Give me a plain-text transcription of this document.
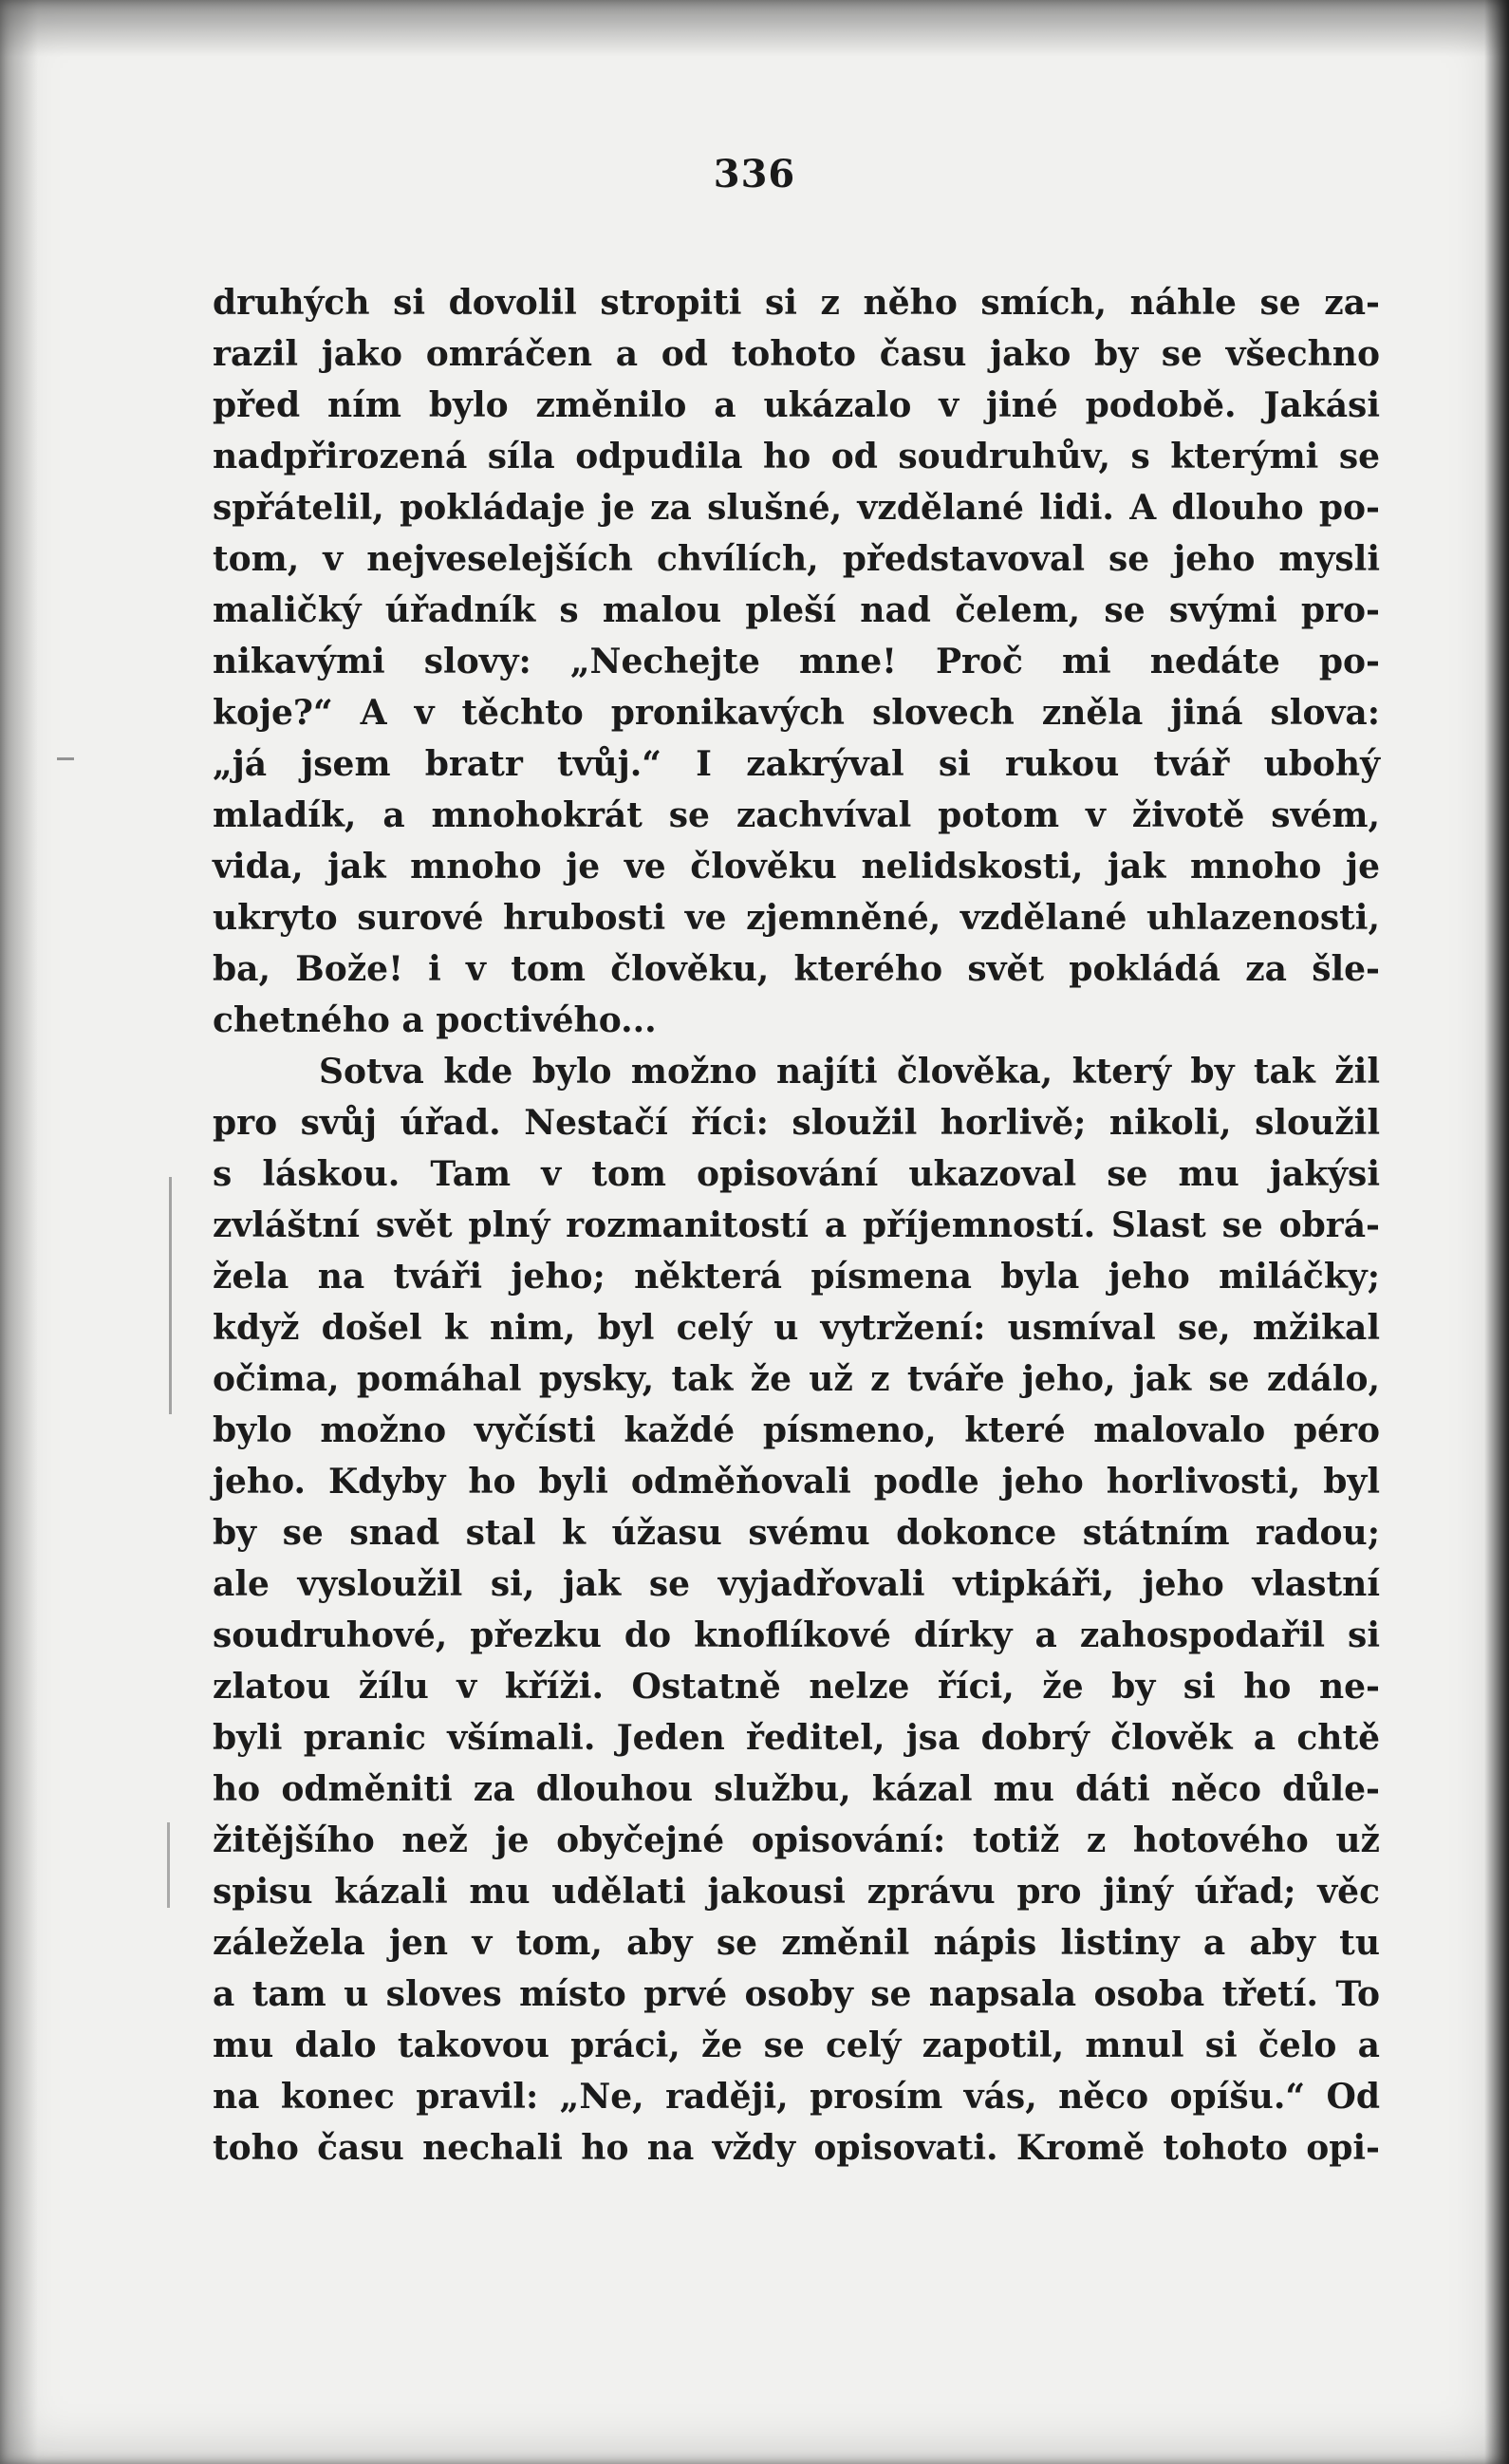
336
druhých si dovolil stropiti si z něho smích, náhle se za-
razil jako omráčen a od tohoto času jako by se všechno
před ním bylo změnilo a ukázalo v jiné podobě. Jakási
nadpřirozená síla odpudila ho od soudruhův, s kterými se
spřátelil, pokládaje je za slušné, vzdělané lidi. A dlouho po-
tom, v nejveselejších chvílích, představoval se jeho mysli
maličký úřadník s malou pleší nad čelem, se svými pro-
nikavými slovy: „Nechejte mne! Proč mi nedáte po-
koje?“ A v těchto pronikavých slovech zněla jiná slova:
„já jsem bratr tvůj.“ I zakrýval si rukou tvář ubohý
mladík, a mnohokrát se zachvíval potom v životě svém,
vida, jak mnoho je ve člověku nelidskosti, jak mnoho je
ukryto surové hrubosti ve zjemněné, vzdělané uhlazenosti,
ba, Bože! i v tom člověku, kterého svět pokládá za šle-
chetného a poctivého...
Sotva kde bylo možno najíti člověka, který by tak žil
pro svůj úřad. Nestačí říci: sloužil horlivě; nikoli, sloužil
s láskou. Tam v tom opisování ukazoval se mu jakýsi
zvláštní svět plný rozmanitostí a příjemností. Slast se obrá-
žela na tváři jeho; některá písmena byla jeho miláčky;
když došel k nim, byl celý u vytržení: usmíval se, mžikal
očima, pomáhal pysky, tak že už z tváře jeho, jak se zdálo,
bylo možno vyčísti každé písmeno, které malovalo péro
jeho. Kdyby ho byli odměňovali podle jeho horlivosti, byl
by se snad stal k úžasu svému dokonce státním radou;
ale vysloužil si, jak se vyjadřovali vtipkáři, jeho vlastní
soudruhové, přezku do knoflíkové dírky a zahospodařil si
zlatou žílu v kříži. Ostatně nelze říci, že by si ho ne-
byli pranic všímali. Jeden ředitel, jsa dobrý člověk a chtě
ho odměniti za dlouhou službu, kázal mu dáti něco důle-
žitějšího než je obyčejné opisování: totiž z hotového už
spisu kázali mu udělati jakousi zprávu pro jiný úřad; věc
záležela jen v tom, aby se změnil nápis listiny a aby tu
a tam u sloves místo prvé osoby se napsala osoba třetí. To
mu dalo takovou práci, že se celý zapotil, mnul si čelo a
na konec pravil: „Ne, raději, prosím vás, něco opíšu.“ Od
toho času nechali ho na vždy opisovati. Kromě tohoto opi-
